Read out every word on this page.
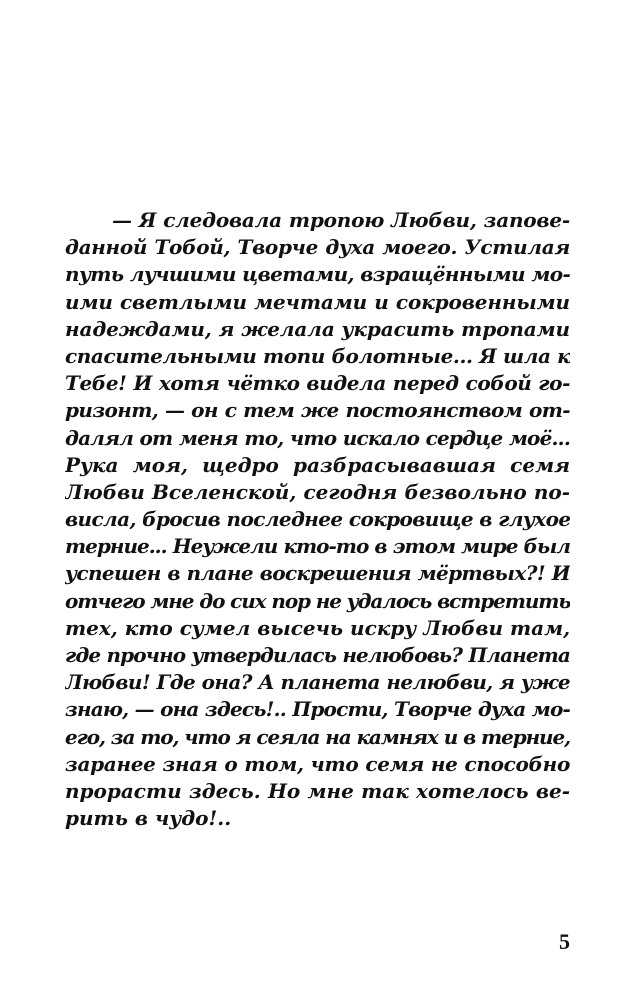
— Я следовала тропою Любви, запове-
данной Тобой, Творче духа моего. Устилая
путь лучшими цветами, взращёнными мо-
ими светлыми мечтами и сокровенными
надеждами, я желала украсить тропами
спасительными топи болотные... Я шла к
Тебе! И хотя чётко видела перед собой го-
ризонт, — он с тем же постоянством от-
далял от меня то, что искало сердце моё...
Рука моя, щедро разбрасывавшая семя
Любви Вселенской, сегодня безвольно по-
висла, бросив последнее сокровище в глухое
терние... Неужели кто-то в этом мире был
успешен в плане воскрешения мёртвых?! И
отчего мне до сих пор не удалось встретить
тех, кто сумел высечь искру Любви там,
где прочно утвердилась нелюбовь? Планета
Любви! Где она? А планета нелюбви, я уже
знаю, — она здесь!.. Прости, Творче духа мо-
его, за то, что я сеяла на камнях и в терние,
заранее зная о том, что семя не способно
прорасти здесь. Но мне так хотелось ве-
рить в чудо!..
5
